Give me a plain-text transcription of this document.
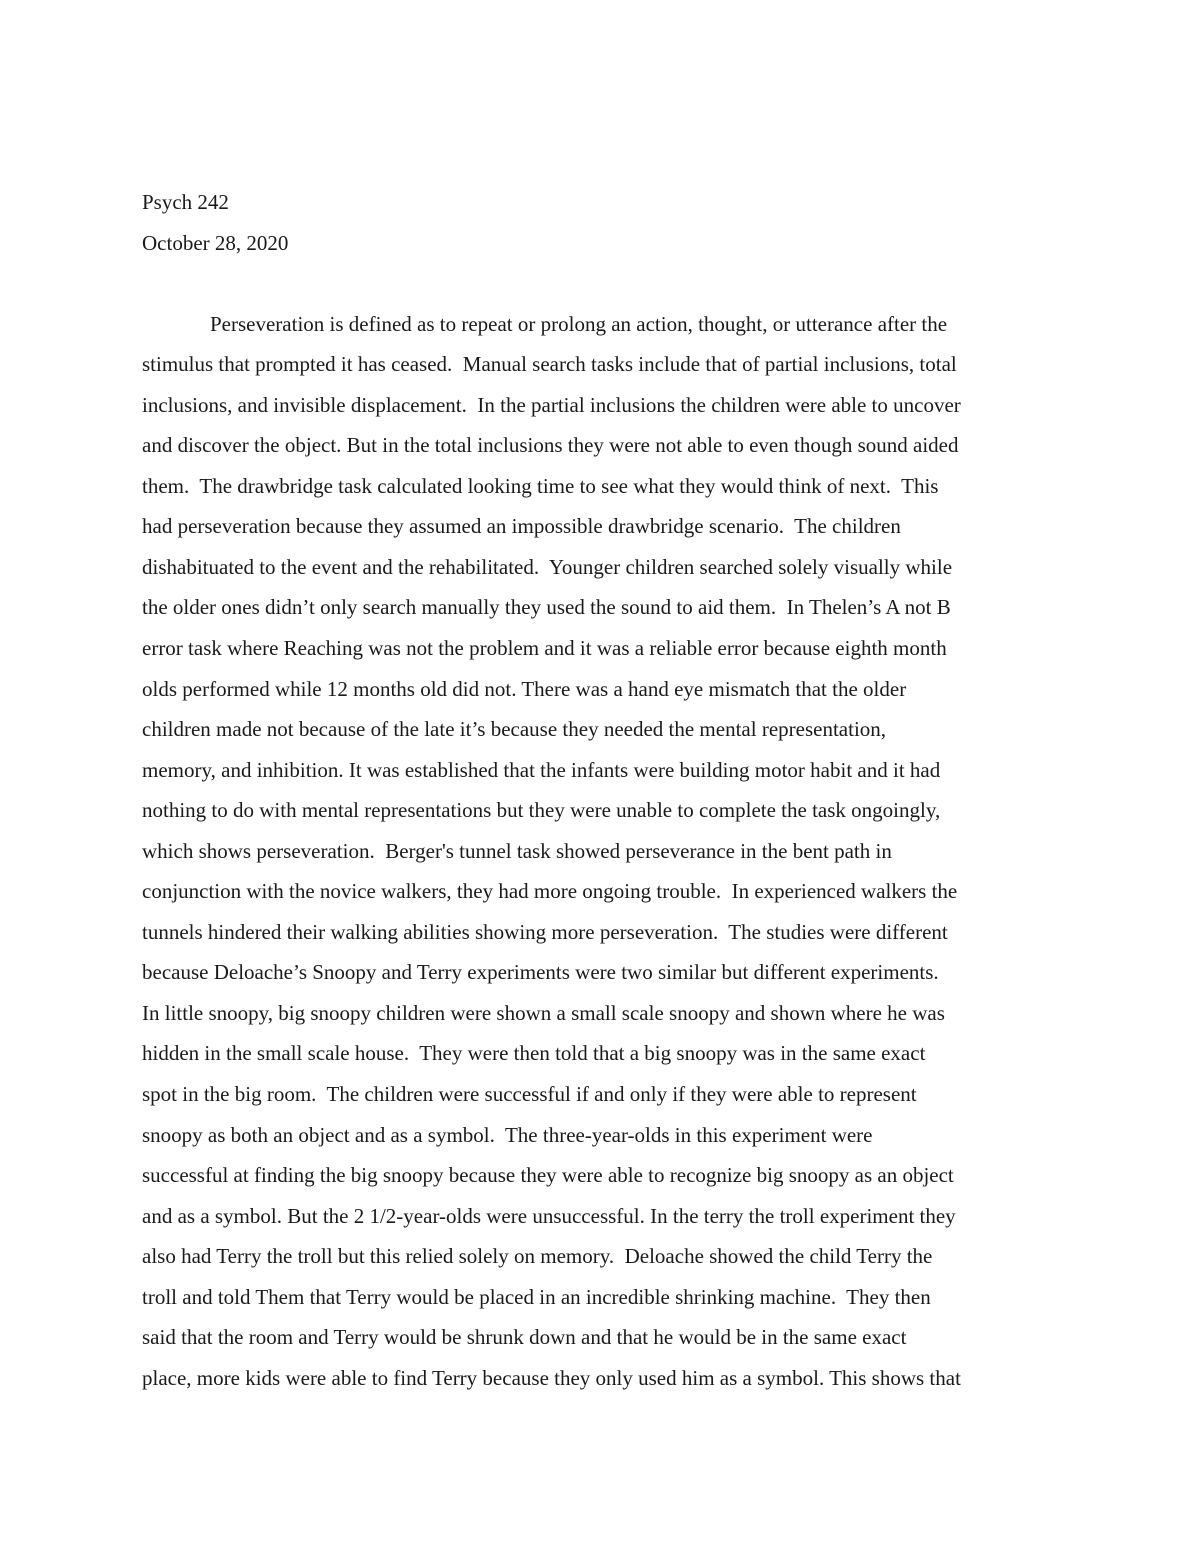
Psych 242
October 28, 2020
Perseveration is defined as to repeat or prolong an action, thought, or utterance after the
stimulus that prompted it has ceased.  Manual search tasks include that of partial inclusions, total
inclusions, and invisible displacement.  In the partial inclusions the children were able to uncover
and discover the object. But in the total inclusions they were not able to even though sound aided
them.  The drawbridge task calculated looking time to see what they would think of next.  This
had perseveration because they assumed an impossible drawbridge scenario.  The children
dishabituated to the event and the rehabilitated.  Younger children searched solely visually while
the older ones didn’t only search manually they used the sound to aid them.  In Thelen’s A not B
error task where Reaching was not the problem and it was a reliable error because eighth month
olds performed while 12 months old did not. There was a hand eye mismatch that the older
children made not because of the late it’s because they needed the mental representation,
memory, and inhibition. It was established that the infants were building motor habit and it had
nothing to do with mental representations but they were unable to complete the task ongoingly,
which shows perseveration.  Berger's tunnel task showed perseverance in the bent path in
conjunction with the novice walkers, they had more ongoing trouble.  In experienced walkers the
tunnels hindered their walking abilities showing more perseveration.  The studies were different
because Deloache’s Snoopy and Terry experiments were two similar but different experiments.
In little snoopy, big snoopy children were shown a small scale snoopy and shown where he was
hidden in the small scale house.  They were then told that a big snoopy was in the same exact
spot in the big room.  The children were successful if and only if they were able to represent
snoopy as both an object and as a symbol.  The three-year-olds in this experiment were
successful at finding the big snoopy because they were able to recognize big snoopy as an object
and as a symbol. But the 2 1/2-year-olds were unsuccessful. In the terry the troll experiment they
also had Terry the troll but this relied solely on memory.  Deloache showed the child Terry the
troll and told Them that Terry would be placed in an incredible shrinking machine.  They then
said that the room and Terry would be shrunk down and that he would be in the same exact
place, more kids were able to find Terry because they only used him as a symbol. This shows that
